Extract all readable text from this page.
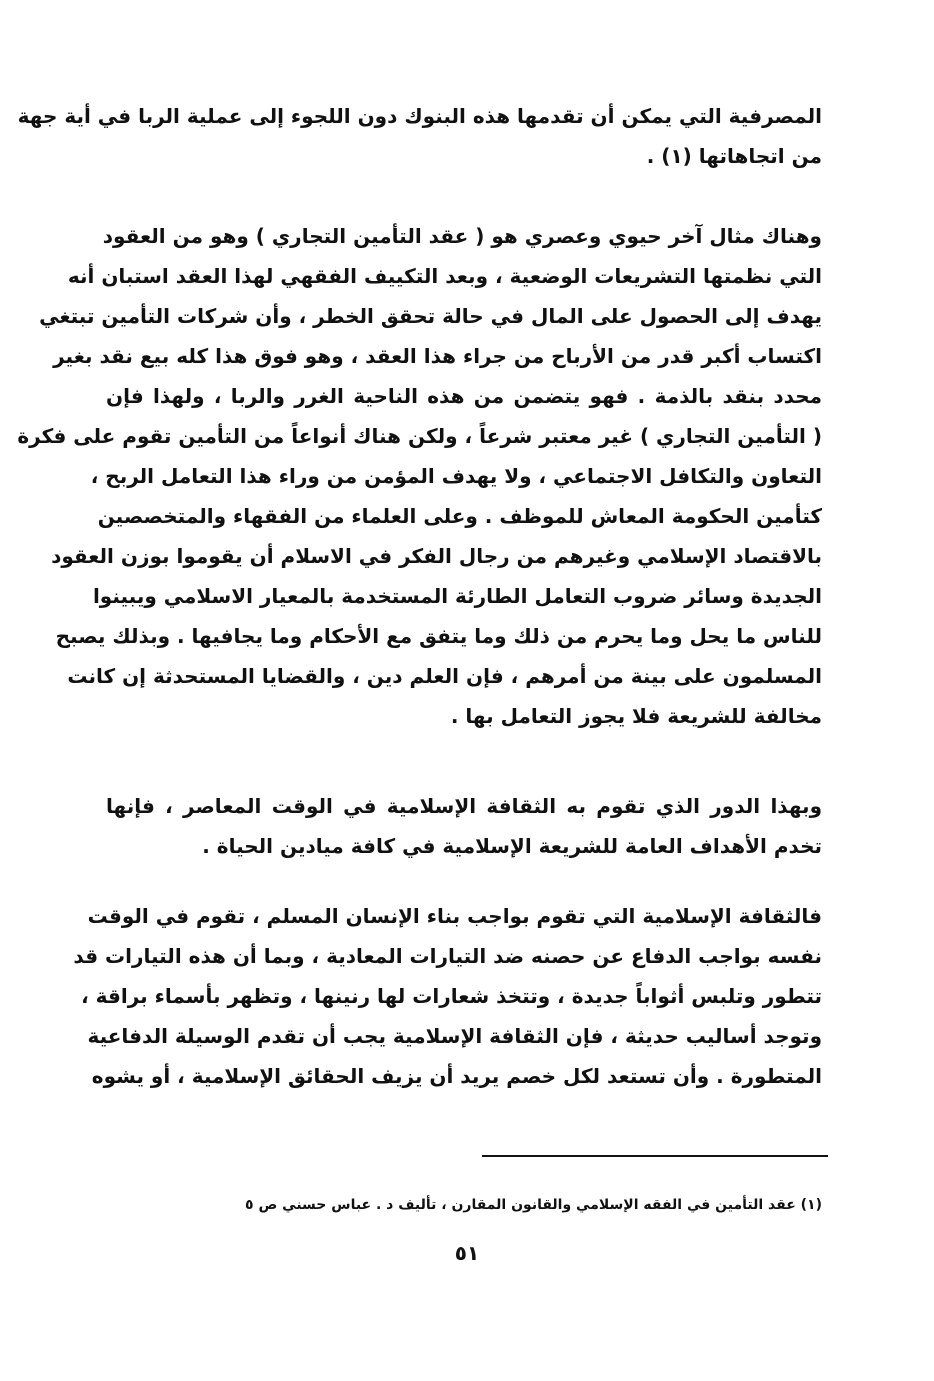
المصرفية التي يمكن أن تقدمها هذه البنوك دون اللجوء إلى عملية الربا في أية جهة
من اتجاهاتها (١) .
وهناك مثال آخر حيوي وعصري هو ( عقد التأمين التجاري ) وهو من العقود
التي نظمتها التشريعات الوضعية ، وبعد التكييف الفقهي لهذا العقد استبان أنه
يهدف إلى الحصول على المال في حالة تحقق الخطر ، وأن شركات التأمين تبتغي
اكتساب أكبر قدر من الأرباح من جراء هذا العقد ، وهو فوق هذا كله بيع نقد بغير
محدد بنقد بالذمة . فهو يتضمن من هذه الناحية الغرر والربا ، ولهذا فإن
( التأمين التجاري ) غير معتبر شرعاً ، ولكن هناك أنواعاً من التأمين تقوم على فكرة
التعاون والتكافل الاجتماعي ، ولا يهدف المؤمن من وراء هذا التعامل الربح ،
كتأمين الحكومة المعاش للموظف . وعلى العلماء من الفقهاء والمتخصصين
بالاقتصاد الإسلامي وغيرهم من رجال الفكر في الاسلام أن يقوموا بوزن العقود
الجديدة وسائر ضروب التعامل الطارئة المستخدمة بالمعيار الاسلامي ويبينوا
للناس ما يحل وما يحرم من ذلك وما يتفق مع الأحكام وما يجافيها . وبذلك يصبح
المسلمون على بينة من أمرهم ، فإن العلم دين ، والقضايا المستحدثة إن كانت
مخالفة للشريعة فلا يجوز التعامل بها .
وبهذا الدور الذي تقوم به الثقافة الإسلامية في الوقت المعاصر ، فإنها
تخدم الأهداف العامة للشريعة الإسلامية في كافة ميادين الحياة .
فالثقافة الإسلامية التي تقوم بواجب بناء الإنسان المسلم ، تقوم في الوقت
نفسه بواجب الدفاع عن حصنه ضد التيارات المعادية ، وبما أن هذه التيارات قد
تتطور وتلبس أثواباً جديدة ، وتتخذ شعارات لها رنينها ، وتظهر بأسماء براقة ،
وتوجد أساليب حديثة ، فإن الثقافة الإسلامية يجب أن تقدم الوسيلة الدفاعية
المتطورة . وأن تستعد لكل خصم يريد أن يزيف الحقائق الإسلامية ، أو يشوه
(١) عقد التأمين في الفقه الإسلامي والقانون المقارن ، تأليف د . عباس حسني ص ٥
٥١
